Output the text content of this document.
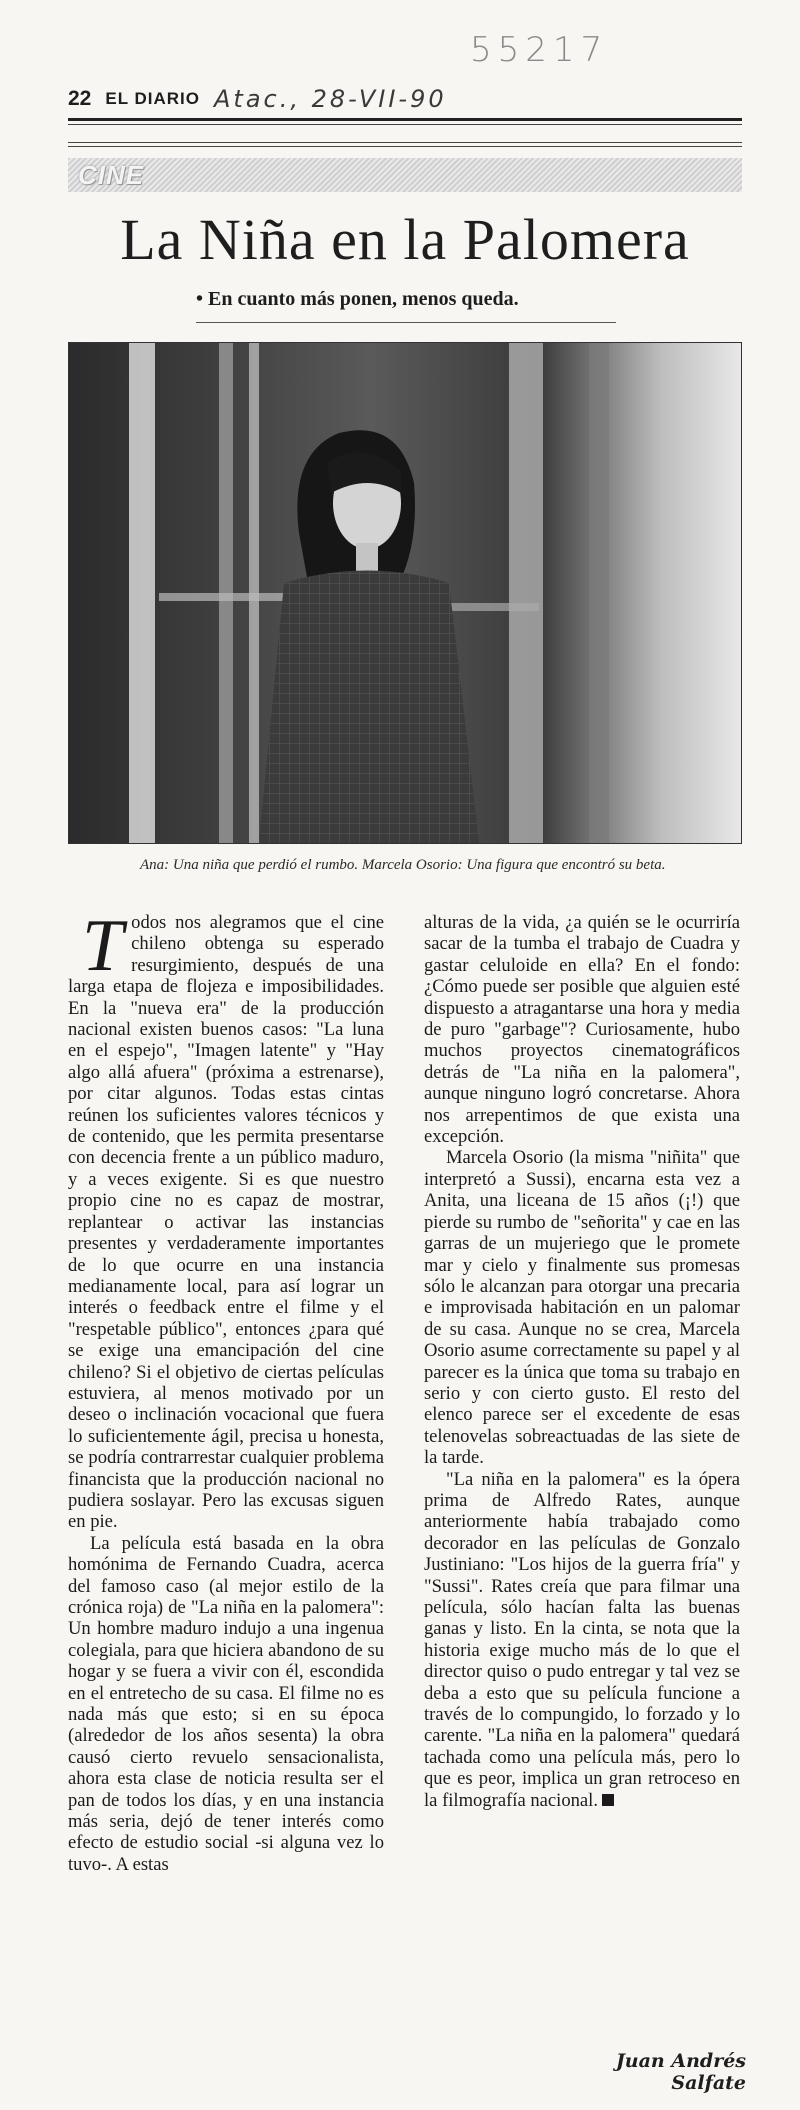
55217
22 EL DIARIO Atac., 28-VII-90
CINE
La Niña en la Palomera
• En cuanto más ponen, menos queda.
Ana: Una niña que perdió el rumbo. Marcela Osorio: Una figura que encontró su beta.

Todos nos alegramos que el cine chileno obtenga su esperado resurgimiento, después de una larga etapa de flojeza e imposibilidades. En la "nueva era" de la producción nacional existen buenos casos: "La luna en el espejo", "Imagen latente" y "Hay algo allá afuera" (próxima a estrenarse), por citar algunos. Todas estas cintas reúnen los suficientes valores técnicos y de contenido, que les permita presentarse con decencia frente a un público maduro, y a veces exigente. Si es que nuestro propio cine no es capaz de mostrar, replantear o activar las instancias presentes y verdaderamente importantes de lo que ocurre en una instancia medianamente local, para así lograr un interés o feedback entre el filme y el "respetable público", entonces ¿para qué se exige una emancipación del cine chileno? Si el objetivo de ciertas películas estuviera, al menos motivado por un deseo o inclinación vocacional que fuera lo suficientemente ágil, precisa u honesta, se podría contrarrestar cualquier problema financista que la producción nacional no pudiera soslayar. Pero las excusas siguen en pie.

La película está basada en la obra homónima de Fernando Cuadra, acerca del famoso caso (al mejor estilo de la crónica roja) de "La niña en la palomera": Un hombre maduro indujo a una ingenua colegiala, para que hiciera abandono de su hogar y se fuera a vivir con él, escondida en el entretecho de su casa. El filme no es nada más que esto; si en su época (alrededor de los años sesenta) la obra causó cierto revuelo sensacionalista, ahora esta clase de noticia resulta ser el pan de todos los días, y en una instancia más seria, dejó de tener interés como efecto de estudio social -si alguna vez lo tuvo-. A estas

alturas de la vida, ¿a quién se le ocurriría sacar de la tumba el trabajo de Cuadra y gastar celuloide en ella? En el fondo: ¿Cómo puede ser posible que alguien esté dispuesto a atragantarse una hora y media de puro "garbage"? Curiosamente, hubo muchos proyectos cinematográficos detrás de "La niña en la palomera", aunque ninguno logró concretarse. Ahora nos arrepentimos de que exista una excepción.

Marcela Osorio (la misma "niñita" que interpretó a Sussi), encarna esta vez a Anita, una liceana de 15 años (¡!) que pierde su rumbo de "señorita" y cae en las garras de un mujeriego que le promete mar y cielo y finalmente sus promesas sólo le alcanzan para otorgar una precaria e improvisada habitación en un palomar de su casa. Aunque no se crea, Marcela Osorio asume correctamente su papel y al parecer es la única que toma su trabajo en serio y con cierto gusto. El resto del elenco parece ser el excedente de esas telenovelas sobreactuadas de las siete de la tarde.

"La niña en la palomera" es la ópera prima de Alfredo Rates, aunque anteriormente había trabajado como decorador en las películas de Gonzalo Justiniano: "Los hijos de la guerra fría" y "Sussi". Rates creía que para filmar una película, sólo hacían falta las buenas ganas y listo. En la cinta, se nota que la historia exige mucho más de lo que el director quiso o pudo entregar y tal vez se deba a esto que su película funcione a través de lo compungido, lo forzado y lo carente. "La niña en la palomera" quedará tachada como una película más, pero lo que es peor, implica un gran retroceso en la filmografía nacional.

Juan Andrés Salfate
